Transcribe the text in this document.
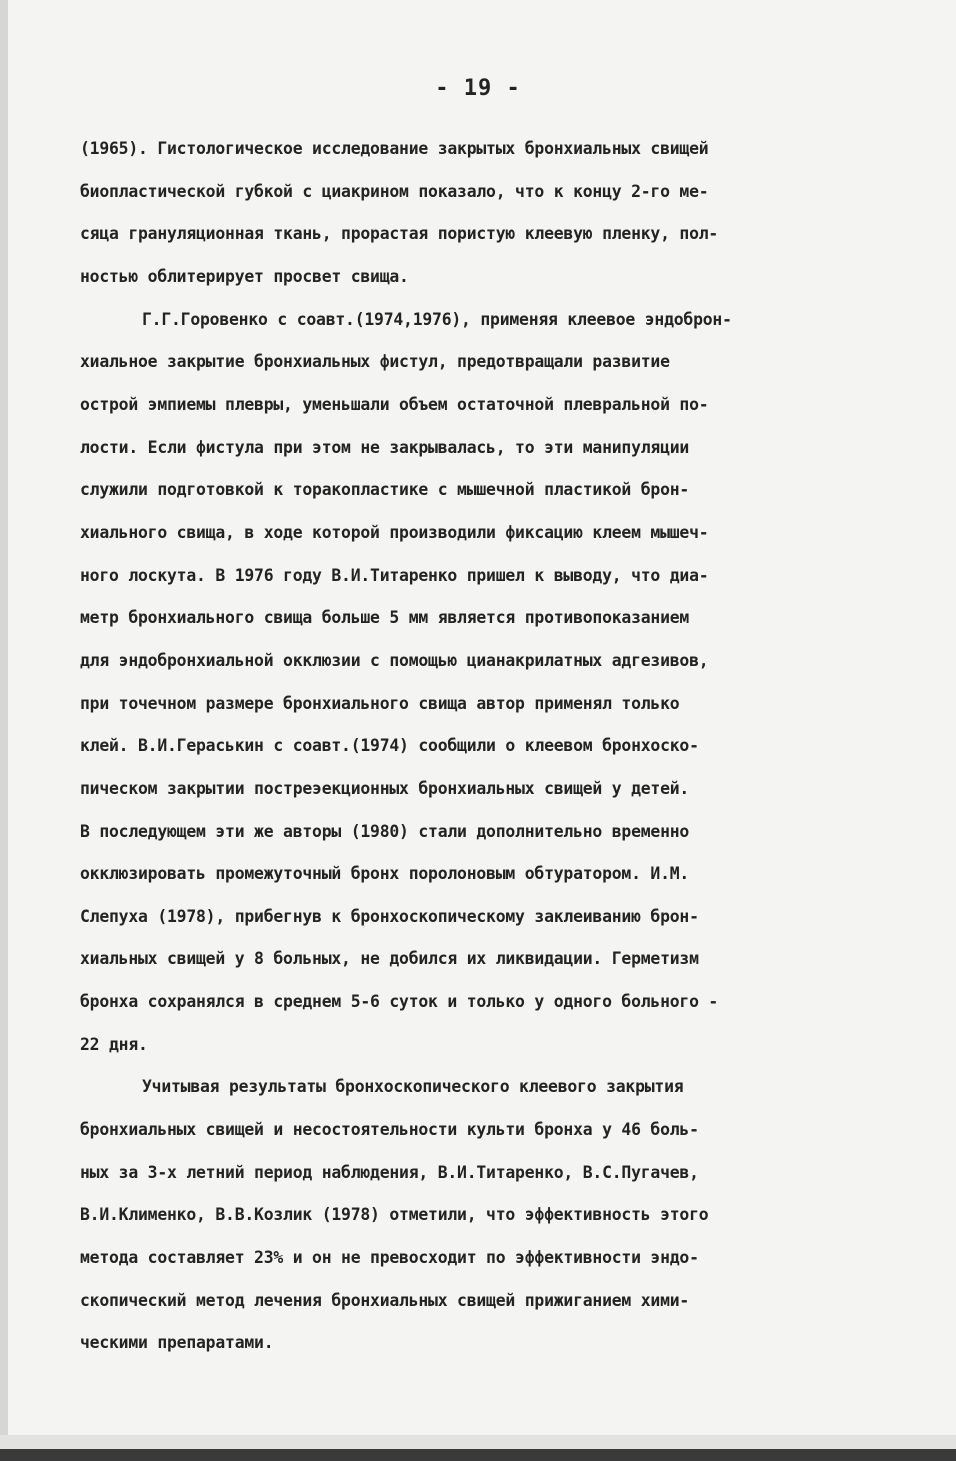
- 19 -
(1965). Гистологическое исследование закрытых бронхиальных свищей
биопластической губкой с циакрином показало, что к концу 2-го ме-
сяца грануляционная ткань, прорастая пористую клеевую пленку, пол-
ностью облитерирует просвет свища.
Г.Г.Горовенко с соавт.(1974,1976), применяя клеевое эндоброн-
хиальное закрытие бронхиальных фистул, предотвращали развитие
острой эмпиемы плевры, уменьшали объем остаточной плевральной по-
лости. Если фистула при этом не закрывалась, то эти манипуляции
служили подготовкой к торакопластике с мышечной пластикой брон-
хиального свища, в ходе которой производили фиксацию клеем мышеч-
ного лоскута. В 1976 году В.И.Титаренко пришел к выводу, что диа-
метр бронхиального свища больше 5 мм является противопоказанием
для эндобронхиальной окклюзии с помощью цианакрилатных адгезивов,
при точечном размере бронхиального свища автор применял только
клей. В.И.Гераськин с соавт.(1974) сообщили о клеевом бронхоско-
пическом закрытии постреэекционных бронхиальных свищей у детей.
В последующем эти же авторы (1980) стали дополнительно временно
окклюзировать промежуточный бронх поролоновым обтуратором. И.М.
Слепуха (1978), прибегнув к бронхоскопическому заклеиванию брон-
хиальных свищей у 8 больных, не добился их ликвидации. Герметизм
бронха сохранялся в среднем 5-6 суток и только у одного больного -
22 дня.
Учитывая результаты бронхоскопического клеевого закрытия
бронхиальных свищей и несостоятельности культи бронха у 46 боль-
ных за 3-х летний период наблюдения, В.И.Титаренко, В.С.Пугачев,
В.И.Клименко, В.В.Козлик (1978) отметили, что эффективность этого
метода составляет 23% и он не превосходит по эффективности эндо-
скопический метод лечения бронхиальных свищей прижиганием хими-
ческими препаратами.
